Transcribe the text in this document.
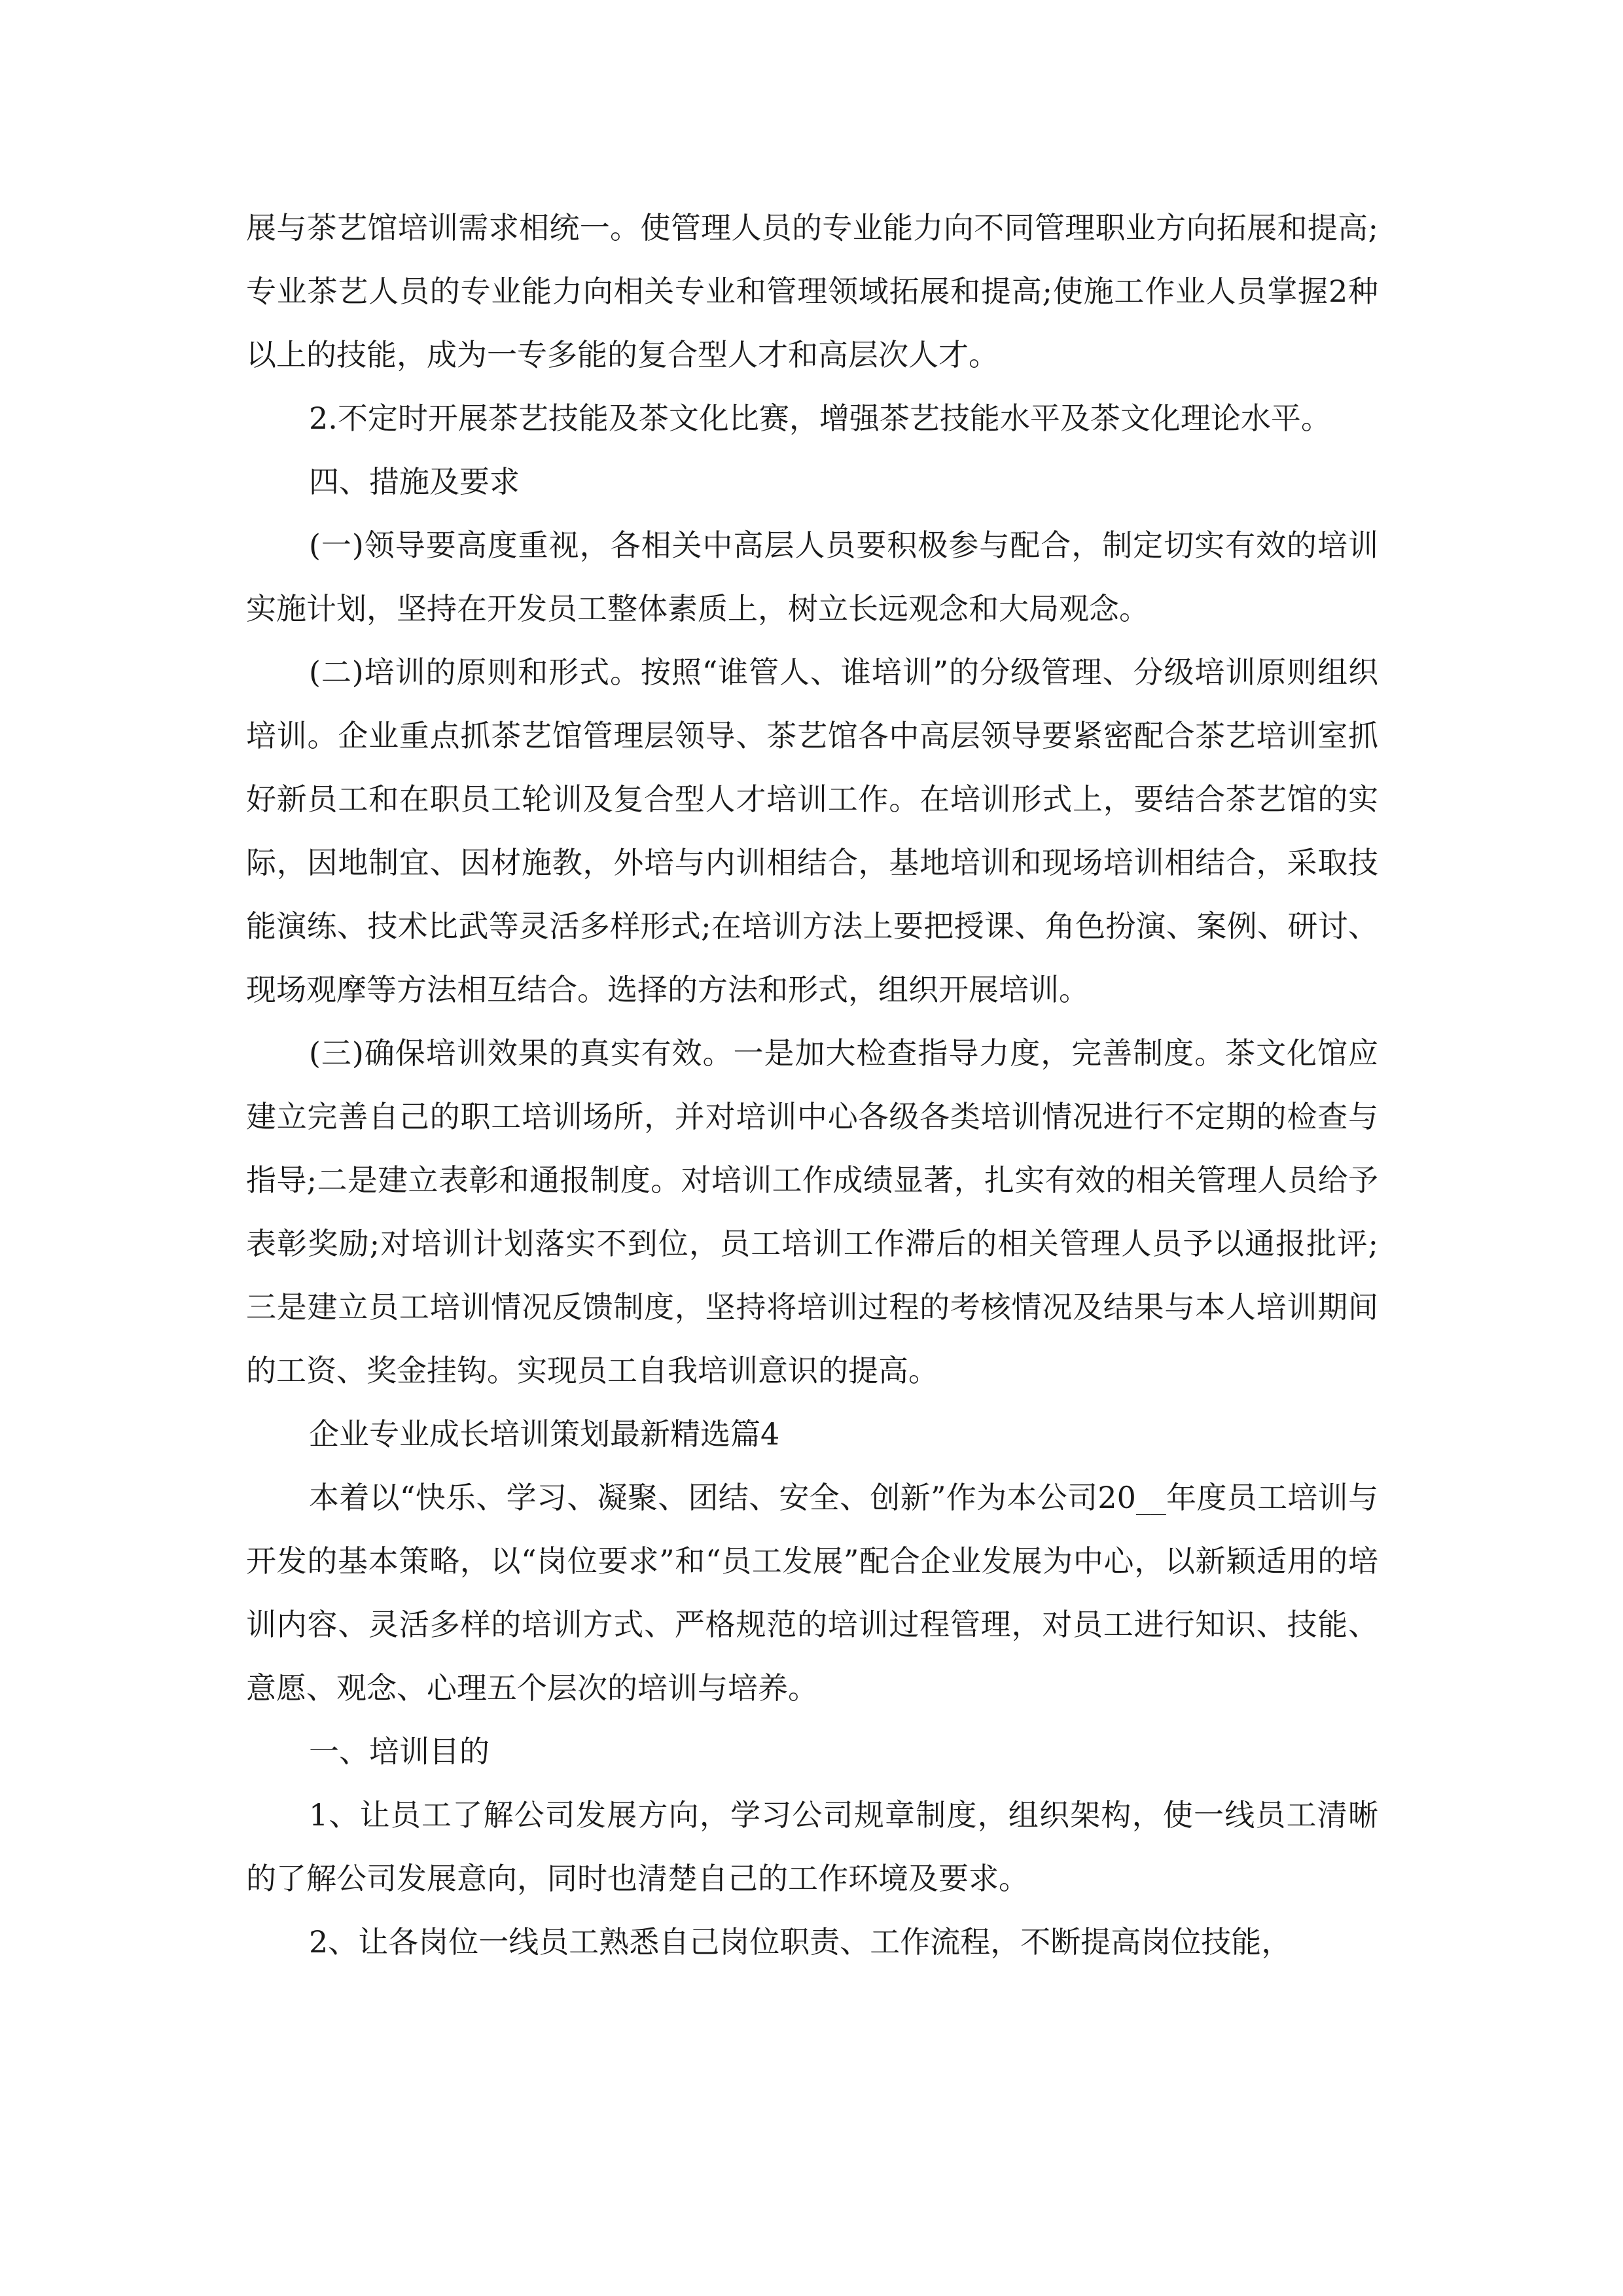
展与茶艺馆培训需求相统一。使管理人员的专业能力向不同管理职业方向拓展和提高;专业茶艺人员的专业能力向相关专业和管理领域拓展和提高;使施工作业人员掌握2种以上的技能，成为一专多能的复合型人才和高层次人才。

2.不定时开展茶艺技能及茶文化比赛，增强茶艺技能水平及茶文化理论水平。

四、措施及要求

(一)领导要高度重视，各相关中高层人员要积极参与配合，制定切实有效的培训实施计划，坚持在开发员工整体素质上，树立长远观念和大局观念。

(二)培训的原则和形式。按照“谁管人、谁培训”的分级管理、分级培训原则组织培训。企业重点抓茶艺馆管理层领导、茶艺馆各中高层领导要紧密配合茶艺培训室抓好新员工和在职员工轮训及复合型人才培训工作。在培训形式上，要结合茶艺馆的实际，因地制宜、因材施教，外培与内训相结合，基地培训和现场培训相结合，采取技能演练、技术比武等灵活多样形式;在培训方法上要把授课、角色扮演、案例、研讨、现场观摩等方法相互结合。选择的方法和形式，组织开展培训。

(三)确保培训效果的真实有效。一是加大检查指导力度，完善制度。茶文化馆应建立完善自己的职工培训场所，并对培训中心各级各类培训情况进行不定期的检查与指导;二是建立表彰和通报制度。对培训工作成绩显著，扎实有效的相关管理人员给予表彰奖励;对培训计划落实不到位，员工培训工作滞后的相关管理人员予以通报批评;三是建立员工培训情况反馈制度，坚持将培训过程的考核情况及结果与本人培训期间的工资、奖金挂钩。实现员工自我培训意识的提高。

企业专业成长培训策划最新精选篇4

本着以“快乐、学习、凝聚、团结、安全、创新”作为本公司20__年度员工培训与开发的基本策略，以“岗位要求”和“员工发展”配合企业发展为中心，以新颖适用的培训内容、灵活多样的培训方式、严格规范的培训过程管理，对员工进行知识、技能、意愿、观念、心理五个层次的培训与培养。

一、培训目的

1、让员工了解公司发展方向，学习公司规章制度，组织架构，使一线员工清晰的了解公司发展意向，同时也清楚自己的工作环境及要求。

2、让各岗位一线员工熟悉自己岗位职责、工作流程，不断提高岗位技能，
